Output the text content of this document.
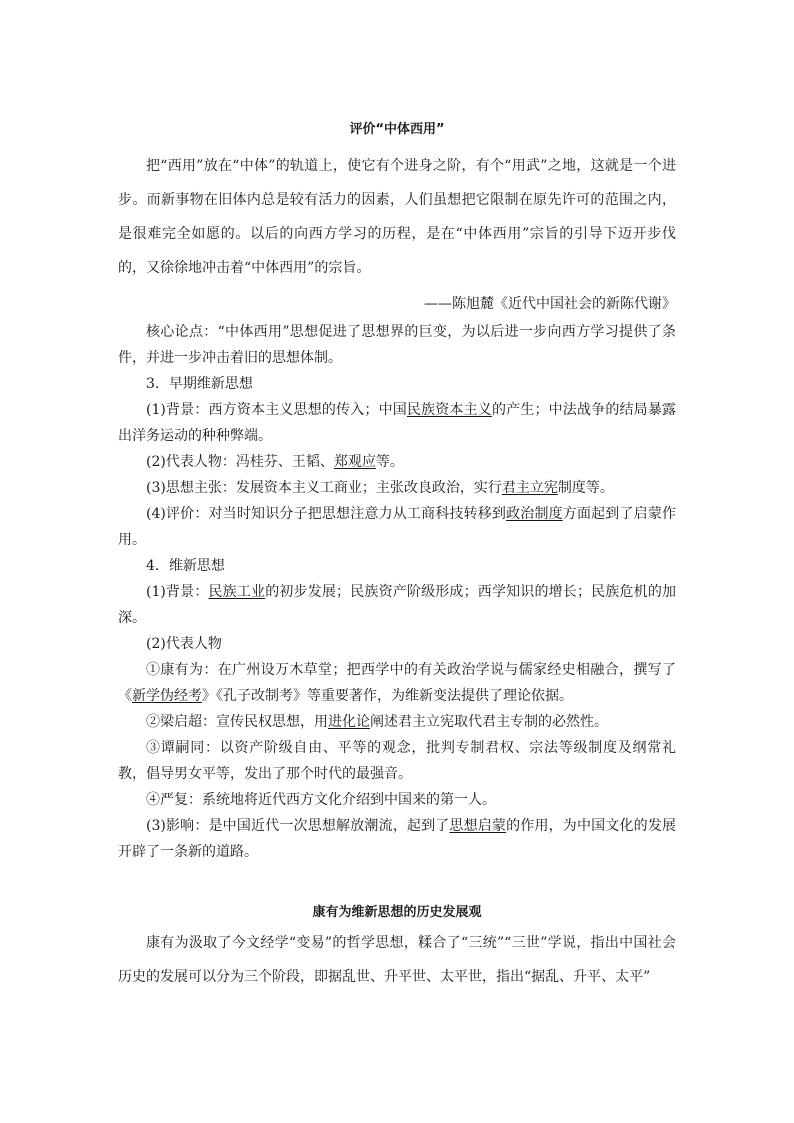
评价“中体西用”

把“西用”放在“中体”的轨道上，使它有个进身之阶，有个“用武”之地，这就是一个进步。而新事物在旧体内总是较有活力的因素，人们虽想把它限制在原先许可的范围之内，是很难完全如愿的。以后的向西方学习的历程，是在“中体西用”宗旨的引导下迈开步伐的，又徐徐地冲击着“中体西用”的宗旨。

——陈旭麓《近代中国社会的新陈代谢》

核心论点：“中体西用”思想促进了思想界的巨变，为以后进一步向西方学习提供了条件，并进一步冲击着旧的思想体制。

3．早期维新思想

(1)背景：西方资本主义思想的传入；中国民族资本主义的产生；中法战争的结局暴露出洋务运动的种种弊端。

(2)代表人物：冯桂芬、王韬、郑观应等。

(3)思想主张：发展资本主义工商业；主张改良政治，实行君主立宪制度等。

(4)评价：对当时知识分子把思想注意力从工商科技转移到政治制度方面起到了启蒙作用。

4．维新思想

(1)背景：民族工业的初步发展；民族资产阶级形成；西学知识的增长；民族危机的加深。

(2)代表人物

①康有为：在广州设万木草堂；把西学中的有关政治学说与儒家经史相融合，撰写了《新学伪经考》《孔子改制考》等重要著作，为维新变法提供了理论依据。

②梁启超：宣传民权思想，用进化论阐述君主立宪取代君主专制的必然性。

③谭嗣同：以资产阶级自由、平等的观念，批判专制君权、宗法等级制度及纲常礼教，倡导男女平等，发出了那个时代的最强音。

④严复：系统地将近代西方文化介绍到中国来的第一人。

(3)影响：是中国近代一次思想解放潮流，起到了思想启蒙的作用，为中国文化的发展开辟了一条新的道路。

康有为维新思想的历史发展观

康有为汲取了今文经学“变易”的哲学思想，糅合了“三统”“三世”学说，指出中国社会历史的发展可以分为三个阶段，即据乱世、升平世、太平世，指出“据乱、升平、太平”
